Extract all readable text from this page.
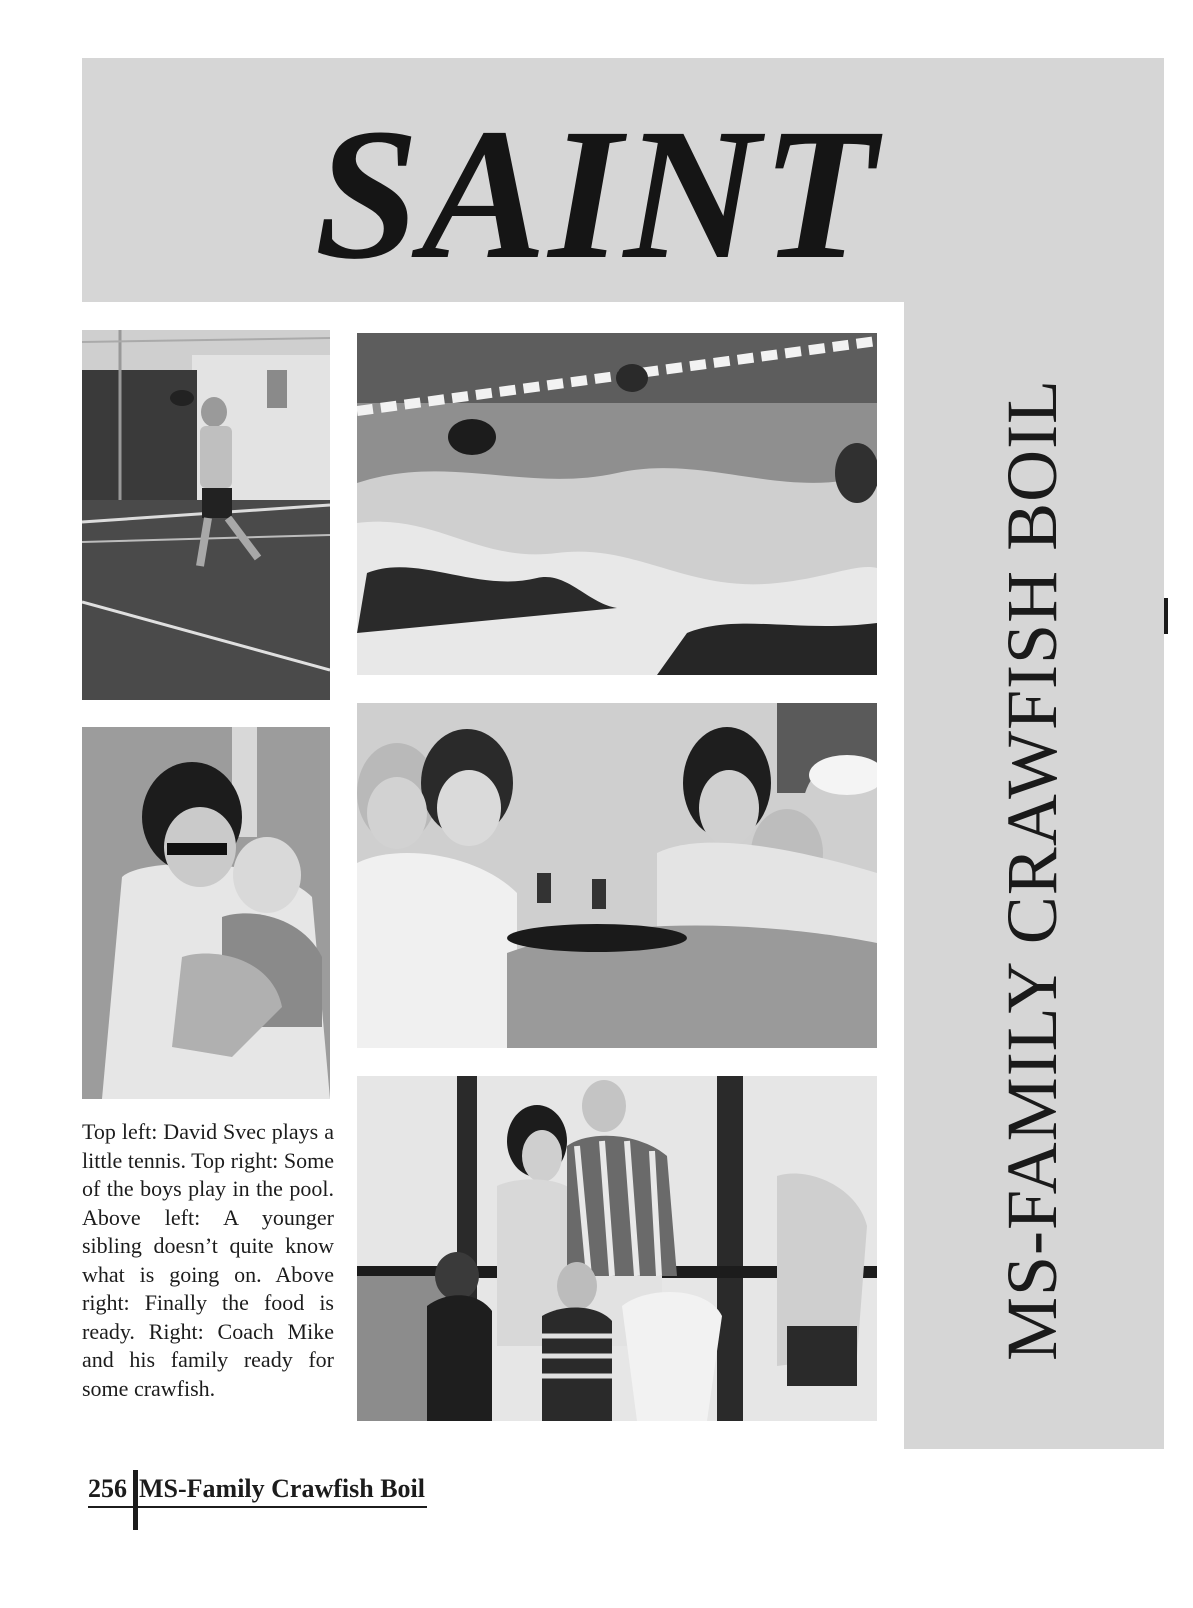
SAINT
MS-FAMILY CRAWFISH BOIL

Top left: David Svec plays a little tennis. Top right: Some of the boys play in the pool. Above left: A younger sibling doesn’t quite know what is going on. Above right: Finally the food is ready. Right: Coach Mike and his family ready for some crawfish.

256 MS-Family Crawfish Boil
